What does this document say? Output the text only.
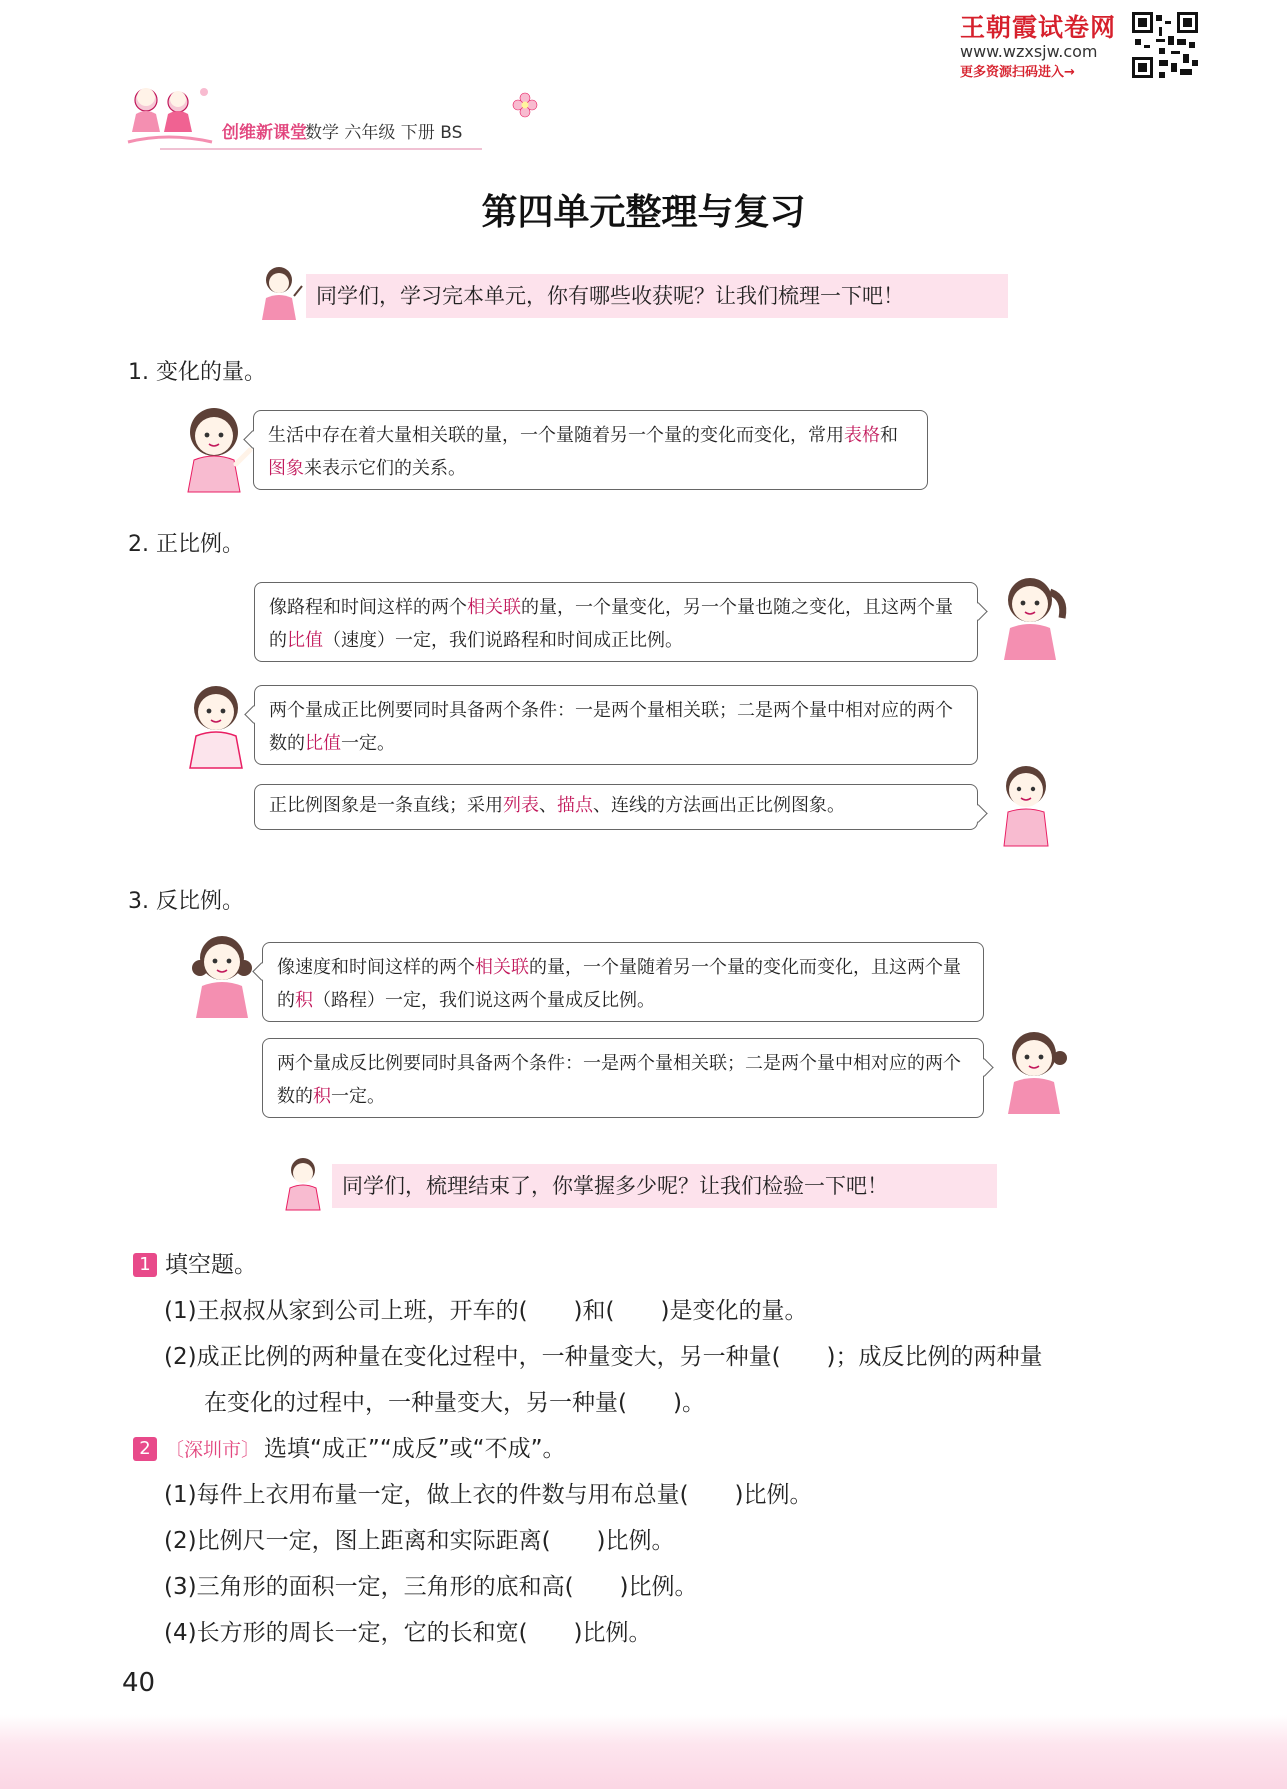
王朝霞试卷网
www.wzxsjw.com
更多资源扫码进入→
创维新课堂
数学 六年级 下册 BS
第四单元整理与复习
同学们，学习完本单元，你有哪些收获呢？让我们梳理一下吧！
1. 变化的量。
生活中存在着大量相关联的量，一个量随着另一个量的变化而变化，常用表格和图象来表示它们的关系。
2. 正比例。
像路程和时间这样的两个相关联的量，一个量变化，另一个量也随之变化，且这两个量的比值（速度）一定，我们说路程和时间成正比例。
两个量成正比例要同时具备两个条件：一是两个量相关联；二是两个量中相对应的两个数的比值一定。
正比例图象是一条直线；采用列表、描点、连线的方法画出正比例图象。
3. 反比例。
像速度和时间这样的两个相关联的量，一个量随着另一个量的变化而变化，且这两个量的积（路程）一定，我们说这两个量成反比例。
两个量成反比例要同时具备两个条件：一是两个量相关联；二是两个量中相对应的两个数的积一定。
同学们，梳理结束了，你掌握多少呢？让我们检验一下吧！
1 填空题。
(1)王叔叔从家到公司上班，开车的(　　)和(　　)是变化的量。
(2)成正比例的两种量在变化过程中，一种量变大，另一种量(　　)；成反比例的两种量
在变化的过程中，一种量变大，另一种量(　　)。
2 〔深圳市〕 选填“成正”“成反”或“不成”。
(1)每件上衣用布量一定，做上衣的件数与用布总量(　　)比例。
(2)比例尺一定，图上距离和实际距离(　　)比例。
(3)三角形的面积一定，三角形的底和高(　　)比例。
(4)长方形的周长一定，它的长和宽(　　)比例。
40
